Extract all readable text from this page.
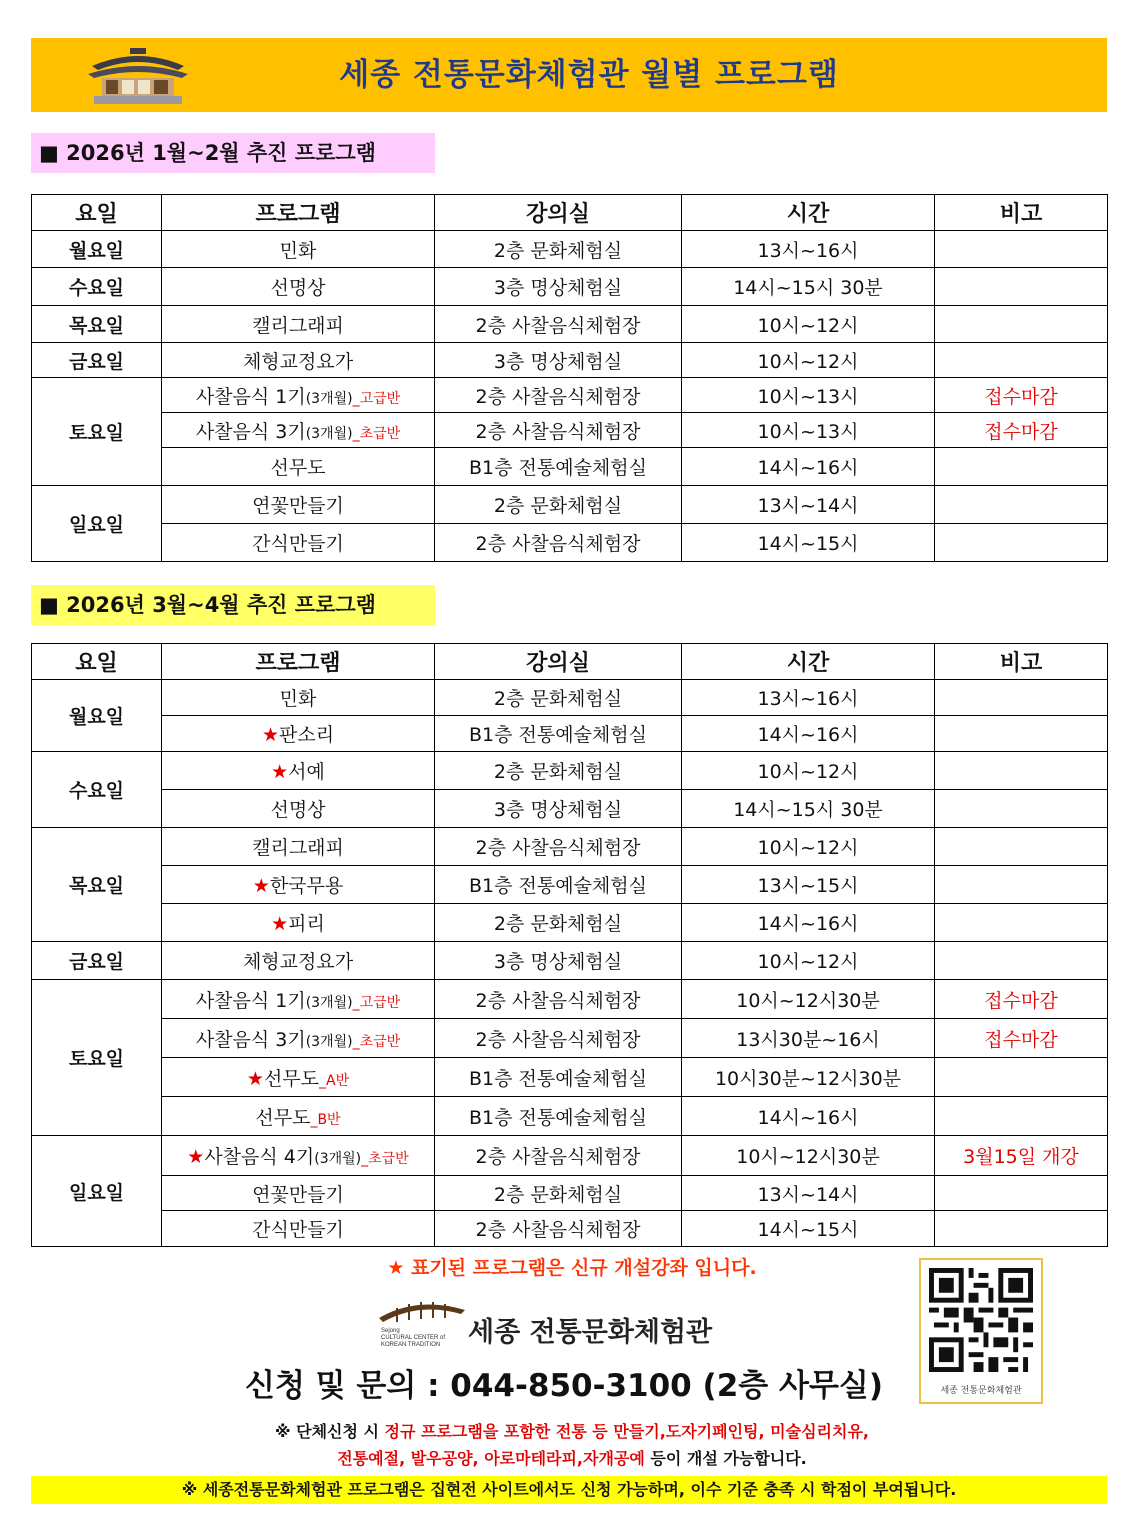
세종 전통문화체험관 월별 프로그램
■ 2026년 1월~2월 추진 프로그램
요일	프로그램	강의실	시간	비고
월요일	민화	2층 문화체험실	13시~16시	
수요일	선명상	3층 명상체험실	14시~15시 30분	
목요일	캘리그래피	2층 사찰음식체험장	10시~12시	
금요일	체형교정요가	3층 명상체험실	10시~12시	
토요일	사찰음식 1기(3개월)_고급반	2층 사찰음식체험장	10시~13시	접수마감
	사찰음식 3기(3개월)_초급반	2층 사찰음식체험장	10시~13시	접수마감
	선무도	B1층 전통예술체험실	14시~16시	
일요일	연꽃만들기	2층 문화체험실	13시~14시	
	간식만들기	2층 사찰음식체험장	14시~15시	
■ 2026년 3월~4월 추진 프로그램
요일	프로그램	강의실	시간	비고
월요일	민화	2층 문화체험실	13시~16시	
	★판소리	B1층 전통예술체험실	14시~16시	
수요일	★서예	2층 문화체험실	10시~12시	
	선명상	3층 명상체험실	14시~15시 30분	
목요일	캘리그래피	2층 사찰음식체험장	10시~12시	
	★한국무용	B1층 전통예술체험실	13시~15시	
	★피리	2층 문화체험실	14시~16시	
금요일	체형교정요가	3층 명상체험실	10시~12시	
토요일	사찰음식 1기(3개월)_고급반	2층 사찰음식체험장	10시~12시30분	접수마감
	사찰음식 3기(3개월)_초급반	2층 사찰음식체험장	13시30분~16시	접수마감
	★선무도_A반	B1층 전통예술체험실	10시30분~12시30분	
	선무도_B반	B1층 전통예술체험실	14시~16시	
일요일	★사찰음식 4기(3개월)_초급반	2층 사찰음식체험장	10시~12시30분	3월15일 개강
	연꽃만들기	2층 문화체험실	13시~14시	
	간식만들기	2층 사찰음식체험장	14시~15시	
★ 표기된 프로그램은 신규 개설강좌 입니다.
Sejong
CULTURAL CENTER of
KOREAN TRADITION 세종 전통문화체험관
신청 및 문의 : 044-850-3100 (2층 사무실)	세종 전통문화체험관
※ 단체신청 시 정규 프로그램을 포함한 전통 등 만들기,도자기페인팅, 미술심리치유,
전통예절, 발우공양, 아로마테라피,자개공예 등이 개설 가능합니다.
※ 세종전통문화체험관 프로그램은 집현전 사이트에서도 신청 가능하며, 이수 기준 충족 시 학점이 부여됩니다.
